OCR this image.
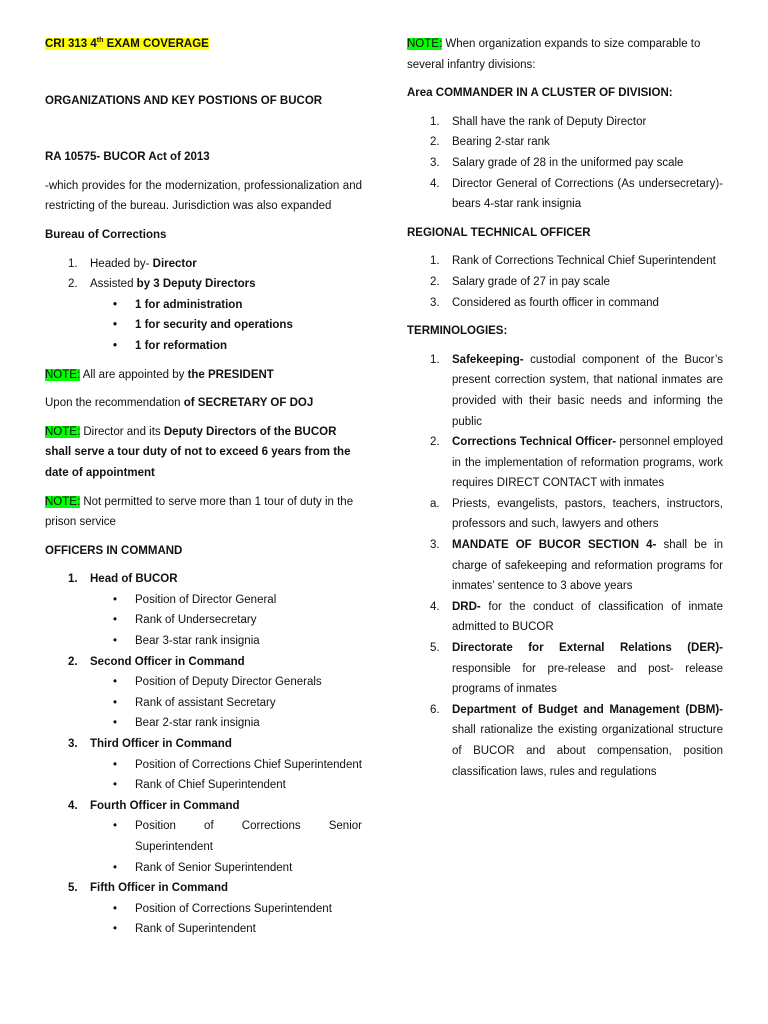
CRI 313 4th EXAM COVERAGE

ORGANIZATIONS AND KEY POSTIONS OF BUCOR

RA 10575- BUCOR Act of 2013

-which provides for the modernization, professionalization and restricting of the bureau. Jurisdiction was also expanded

Bureau of Corrections

1.	Headed by- Director
2.	Assisted by 3 Deputy Directors
•	1 for administration
•	1 for security and operations
•	1 for reformation

NOTE: All are appointed by the PRESIDENT

Upon the recommendation of SECRETARY OF DOJ

NOTE: Director and its Deputy Directors of the BUCOR shall serve a tour duty of not to exceed 6 years from the date of appointment

NOTE: Not permitted to serve more than 1 tour of duty in the prison service

OFFICERS IN COMMAND

1.	Head of BUCOR
•	Position of Director General
•	Rank of Undersecretary
•	Bear 3-star rank insignia
2.	Second Officer in Command
•	Position of Deputy Director Generals
•	Rank of assistant Secretary
•	Bear 2-star rank insignia
3.	Third Officer in Command
•	Position of Corrections Chief Superintendent
•	Rank of Chief Superintendent
4.	Fourth Officer in Command
•	Position of Corrections Senior Superintendent
•	Rank of Senior Superintendent
5.	Fifth Officer in Command
•	Position of Corrections Superintendent
•	Rank of Superintendent

NOTE: When organization expands to size comparable to several infantry divisions:

Area COMMANDER IN A CLUSTER OF DIVISION:

1.	Shall have the rank of Deputy Director
2.	Bearing 2-star rank
3.	Salary grade of 28 in the uniformed pay scale
4.	Director General of Corrections (As undersecretary)- bears 4-star rank insignia

REGIONAL TECHNICAL OFFICER

1.	Rank of Corrections Technical Chief Superintendent
2.	Salary grade of 27 in pay scale
3.	Considered as fourth officer in command

TERMINOLOGIES:

1.	Safekeeping- custodial component of the Bucor’s present correction system, that national inmates are provided with their basic needs and informing the public
2.	Corrections Technical Officer- personnel employed in the implementation of reformation programs, work requires DIRECT CONTACT with inmates
a.	Priests, evangelists, pastors, teachers, instructors, professors and such, lawyers and others
3.	MANDATE OF BUCOR SECTION 4- shall be in charge of safekeeping and reformation programs for inmates’ sentence to 3 above years
4.	DRD- for the conduct of classification of inmate admitted to BUCOR
5.	Directorate for External Relations (DER)- responsible for pre-release and post- release programs of inmates
6.	Department of Budget and Management (DBM)- shall rationalize the existing organizational structure of BUCOR and about compensation, position classification laws, rules and regulations
